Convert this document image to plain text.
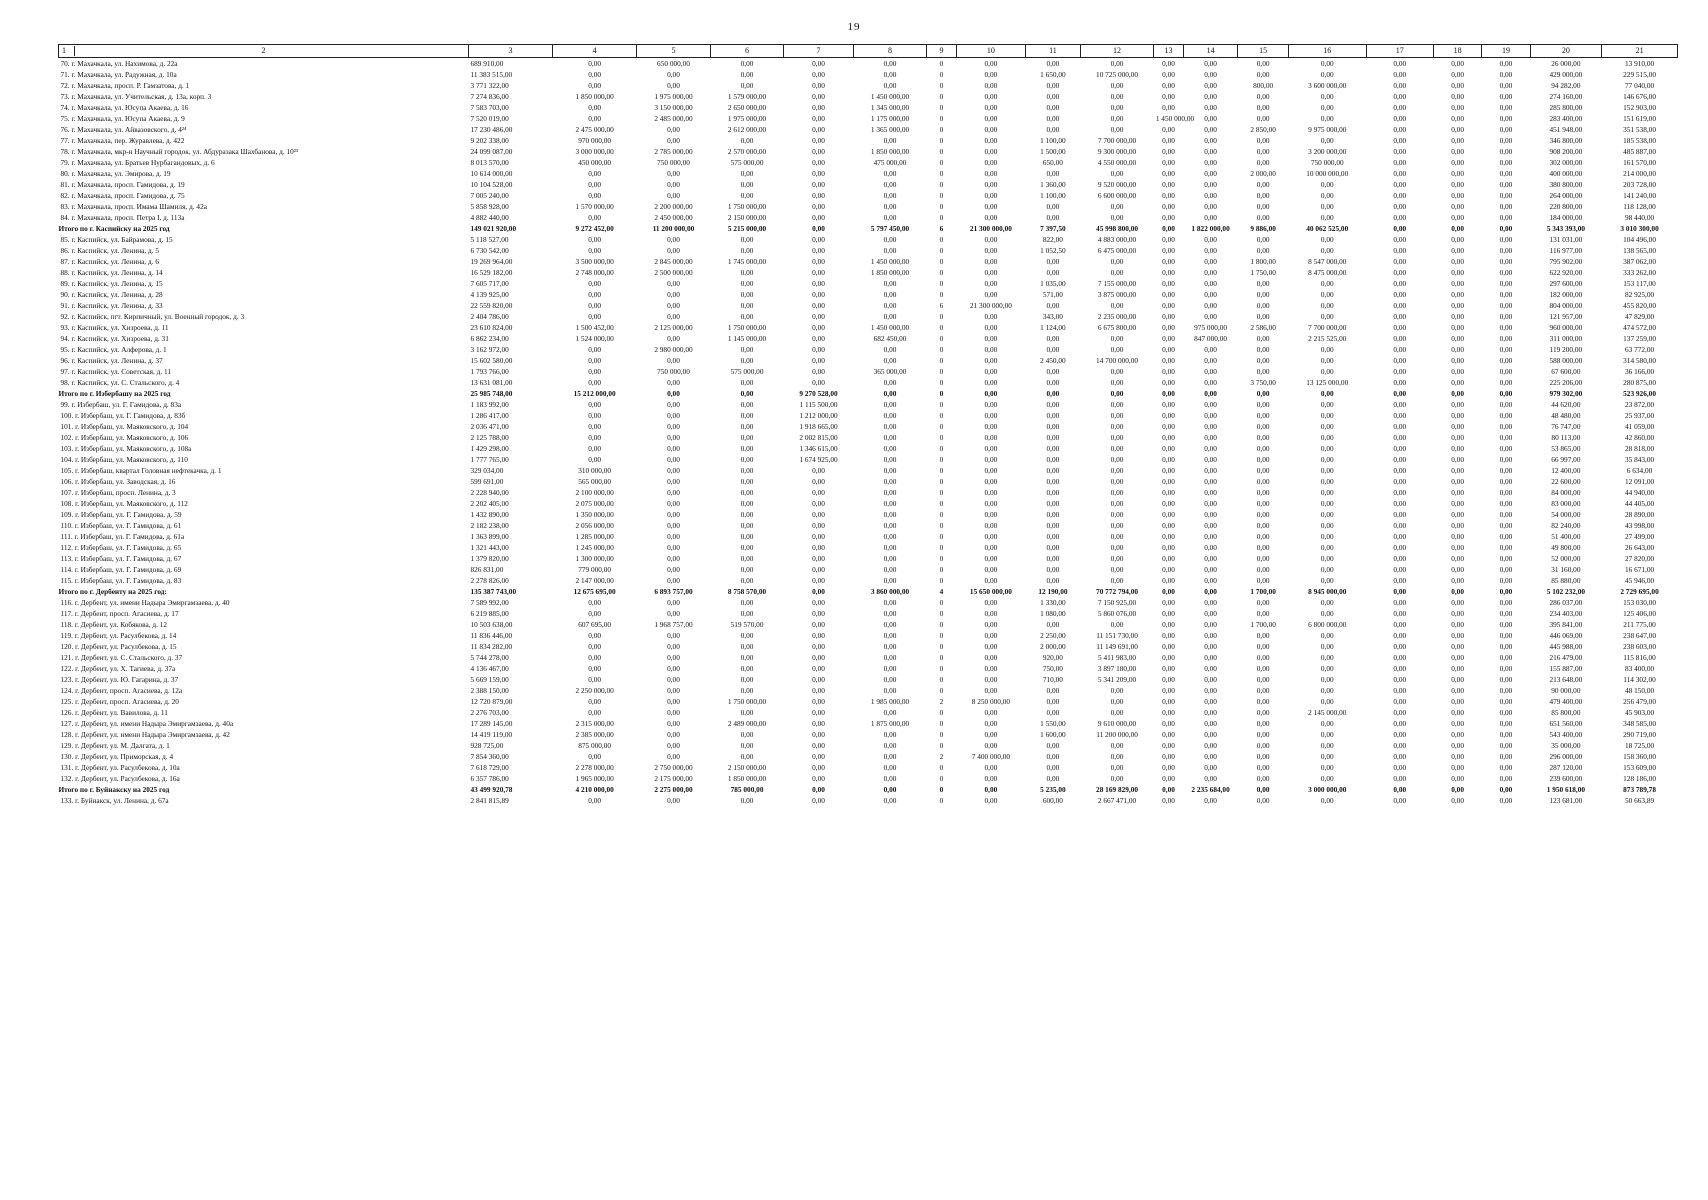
19
1 2	3	4	5	6	7	8	9	10	11	12	13	14	15	16	17	18	19	20	21
70. г. Махачкала, ул. Нахимова, д. 22а	689 910,00	0,00	650 000,00	0,00	0,00	0,00	0	0,00	0,00	0,00	0,00	0,00	0,00	0,00	0,00	0,00	0,00	26 000,00	13 910,00
71. г. Махачкала, ул. Радужная, д. 10а	11 383 515,00	0,00	0,00	0,00	0,00	0,00	0	0,00	1 650,00	10 725 000,00	0,00	0,00	0,00	0,00	0,00	0,00	0,00	429 000,00	229 515,00
72. г. Махачкала, просп. Р. Гамзатова, д. 1	3 771 322,00	0,00	0,00	0,00	0,00	0,00	0	0,00	0,00	0,00	0,00	0,00	800,00	3 600 000,00	0,00	0,00	0,00	94 282,00	77 040,00
73. г. Махачкала, ул. Учительская, д. 13а, корп. 3	7 274 836,00	1 850 000,00	1 975 000,00	1 579 000,00	0,00	1 450 000,00	0	0,00	0,00	0,00	0,00	0,00	0,00	0,00	0,00	0,00	0,00	274 160,00	146 676,00
74. г. Махачкала, ул. Юсупа Акаева, д. 16	7 583 703,00	0,00	3 150 000,00	2 650 000,00	0,00	1 345 000,00	0	0,00	0,00	0,00	0,00	0,00	0,00	0,00	0,00	0,00	0,00	285 800,00	152 903,00
75. г. Махачкала, ул. Юсупа Акаева, д. 9	7 520 019,00	0,00	2 485 000,00	1 975 000,00	0,00	1 175 000,00	0	0,00	0,00	0,00	1 450 000,00	0,00	0,00	0,00	0,00	0,00	0,00	283 400,00	151 619,00
76. г. Махачкала, ул. Айвазовского, д. 4²⁴	17 230 486,00	2 475 000,00	0,00	2 612 000,00	0,00	1 365 000,00	0	0,00	0,00	0,00	0,00	0,00	2 850,00	9 975 000,00	0,00	0,00	0,00	451 948,00	351 538,00
77. г. Махачкала, пер. Журавлева, д. 422	9 202 338,00	970 000,00	0,00	0,00	0,00	0,00	0	0,00	1 100,00	7 700 000,00	0,00	0,00	0,00	0,00	0,00	0,00	0,00	346 800,00	185 538,00
78. г. Махачкала, мкр-н Научный городок, ул. Абдуразака Шахбанова, д. 10²³	24 099 087,00	3 000 000,00	2 785 000,00	2 570 000,00	0,00	1 850 000,00	0	0,00	1 500,00	9 300 000,00	0,00	0,00	0,00	3 200 000,00	0,00	0,00	0,00	908 200,00	485 887,00
79. г. Махачкала, ул. Братьев Нурбагандовых, д. 6	8 013 570,00	450 000,00	750 000,00	575 000,00	0,00	475 000,00	0	0,00	650,00	4 550 000,00	0,00	0,00	0,00	750 000,00	0,00	0,00	0,00	302 000,00	161 570,00
80. г. Махачкала, ул. Эмирова, д. 19	10 614 000,00	0,00	0,00	0,00	0,00	0,00	0	0,00	0,00	0,00	0,00	0,00	2 000,00	10 000 000,00	0,00	0,00	0,00	400 000,00	214 000,00
81. г. Махачкала, просп. Гамидова, д. 19	10 104 528,00	0,00	0,00	0,00	0,00	0,00	0	0,00	1 360,00	9 520 000,00	0,00	0,00	0,00	0,00	0,00	0,00	0,00	380 800,00	203 728,00
82. г. Махачкала, просп. Гамидова, д. 75	7 005 240,00	0,00	0,00	0,00	0,00	0,00	0	0,00	1 100,00	6 600 000,00	0,00	0,00	0,00	0,00	0,00	0,00	0,00	264 000,00	141 240,00
83. г. Махачкала, просп. Имама Шамиля, д. 42а	5 858 928,00	1 570 000,00	2 200 000,00	1 750 000,00	0,00	0,00	0	0,00	0,00	0,00	0,00	0,00	0,00	0,00	0,00	0,00	0,00	220 800,00	118 128,00
84. г. Махачкала, просп. Петра I, д. 113а	4 882 440,00	0,00	2 450 000,00	2 150 000,00	0,00	0,00	0	0,00	0,00	0,00	0,00	0,00	0,00	0,00	0,00	0,00	0,00	184 000,00	98 440,00
Итого по г. Каспийску на 2025 год	149 021 920,00	9 272 452,00	11 200 000,00	5 215 000,00	0,00	5 797 450,00	6	21 300 000,00	7 397,50	45 998 800,00	0,00	1 822 000,00	9 886,00	40 062 525,00	0,00	0,00	0,00	5 343 393,00	3 010 300,00
85. г. Каспийск, ул. Байрамова, д. 15	5 118 527,00	0,00	0,00	0,00	0,00	0,00	0	0,00	822,00	4 883 000,00	0,00	0,00	0,00	0,00	0,00	0,00	0,00	131 031,00	104 496,00
86. г. Каспийск, ул. Ленина, д. 5	6 730 542,00	0,00	0,00	0,00	0,00	0,00	0	0,00	1 052,50	6 475 000,00	0,00	0,00	0,00	0,00	0,00	0,00	0,00	116 977,00	138 565,00
87. г. Каспийск, ул. Ленина, д. 6	19 269 964,00	3 500 000,00	2 845 000,00	1 745 000,00	0,00	1 450 000,00	0	0,00	0,00	0,00	0,00	0,00	1 800,00	8 547 000,00	0,00	0,00	0,00	795 902,00	387 062,00
88. г. Каспийск, ул. Ленина, д. 14	16 529 182,00	2 748 000,00	2 500 000,00	0,00	0,00	1 850 000,00	0	0,00	0,00	0,00	0,00	0,00	1 750,00	8 475 000,00	0,00	0,00	0,00	622 920,00	333 262,00
89. г. Каспийск, ул. Ленина, д. 15	7 605 717,00	0,00	0,00	0,00	0,00	0,00	0	0,00	1 035,00	7 155 000,00	0,00	0,00	0,00	0,00	0,00	0,00	0,00	297 600,00	153 117,00
90. г. Каспийск, ул. Ленина, д. 28	4 139 925,00	0,00	0,00	0,00	0,00	0,00	0	0,00	571,00	3 875 000,00	0,00	0,00	0,00	0,00	0,00	0,00	0,00	182 000,00	82 925,00
91. г. Каспийск, ул. Ленина, д. 33	22 559 820,00	0,00	0,00	0,00	0,00	0,00	6	21 300 000,00	0,00	0,00	0,00	0,00	0,00	0,00	0,00	0,00	0,00	804 000,00	455 820,00
92. г. Каспийск, пгт. Кирпичный, ул. Военный городок, д. 3	2 404 786,00	0,00	0,00	0,00	0,00	0,00	0	0,00	343,00	2 235 000,00	0,00	0,00	0,00	0,00	0,00	0,00	0,00	121 957,00	47 829,00
93. г. Каспийск, ул. Хизроева, д. 11	23 610 824,00	1 500 452,00	2 125 000,00	1 750 000,00	0,00	1 450 000,00	0	0,00	1 124,00	6 675 800,00	0,00	975 000,00	2 586,00	7 700 000,00	0,00	0,00	0,00	960 000,00	474 572,00
94. г. Каспийск, ул. Хизроева, д. 31	6 862 234,00	1 524 000,00	0,00	1 145 000,00	0,00	682 450,00	0	0,00	0,00	0,00	0,00	847 000,00	0,00	2 215 525,00	0,00	0,00	0,00	311 000,00	137 259,00
95. г. Каспийск, ул. Алферова, д. 1	3 162 972,00	0,00	2 980 000,00	0,00	0,00	0,00	0	0,00	0,00	0,00	0,00	0,00	0,00	0,00	0,00	0,00	0,00	119 200,00	63 772,00
96. г. Каспийск, ул. Ленина, д. 37	15 602 580,00	0,00	0,00	0,00	0,00	0,00	0	0,00	2 450,00	14 700 000,00	0,00	0,00	0,00	0,00	0,00	0,00	0,00	588 000,00	314 580,00
97. г. Каспийск, ул. Советская, д. 11	1 793 766,00	0,00	750 000,00	575 000,00	0,00	365 000,00	0	0,00	0,00	0,00	0,00	0,00	0,00	0,00	0,00	0,00	0,00	67 600,00	36 166,00
98. г. Каспийск, ул. С. Стальского, д. 4	13 631 081,00	0,00	0,00	0,00	0,00	0,00	0	0,00	0,00	0,00	0,00	0,00	3 750,00	13 125 000,00	0,00	0,00	0,00	225 206,00	280 875,00
Итого по г. Избербашу на 2025 год	25 985 748,00	15 212 000,00	0,00	0,00	9 270 528,00	0,00	0	0,00	0,00	0,00	0,00	0,00	0,00	0,00	0,00	0,00	0,00	979 302,00	523 926,00
99. г. Избербаш, ул. Г. Гамидова, д. 83а	1 183 992,00	0,00	0,00	0,00	1 115 500,00	0,00	0	0,00	0,00	0,00	0,00	0,00	0,00	0,00	0,00	0,00	0,00	44 620,00	23 872,00
100. г. Избербаш, ул. Г. Гамидова, д. 83б	1 286 417,00	0,00	0,00	0,00	1 212 000,00	0,00	0	0,00	0,00	0,00	0,00	0,00	0,00	0,00	0,00	0,00	0,00	48 480,00	25 937,00
101. г. Избербаш, ул. Маяковского, д. 104	2 036 471,00	0,00	0,00	0,00	1 918 665,00	0,00	0	0,00	0,00	0,00	0,00	0,00	0,00	0,00	0,00	0,00	0,00	76 747,00	41 059,00
102. г. Избербаш, ул. Маяковского, д. 106	2 125 788,00	0,00	0,00	0,00	2 002 815,00	0,00	0	0,00	0,00	0,00	0,00	0,00	0,00	0,00	0,00	0,00	0,00	80 113,00	42 860,00
103. г. Избербаш, ул. Маяковского, д. 108а	1 429 298,00	0,00	0,00	0,00	1 346 615,00	0,00	0	0,00	0,00	0,00	0,00	0,00	0,00	0,00	0,00	0,00	0,00	53 865,00	28 818,00
104. г. Избербаш, ул. Маяковского, д. 110	1 777 765,00	0,00	0,00	0,00	1 674 925,00	0,00	0	0,00	0,00	0,00	0,00	0,00	0,00	0,00	0,00	0,00	0,00	66 997,00	35 843,00
105. г. Избербаш, квартал Головная нефтекачка, д. 1	329 034,00	310 000,00	0,00	0,00	0,00	0,00	0	0,00	0,00	0,00	0,00	0,00	0,00	0,00	0,00	0,00	0,00	12 400,00	6 634,00
106. г. Избербаш, ул. Заводская, д. 16	599 691,00	565 000,00	0,00	0,00	0,00	0,00	0	0,00	0,00	0,00	0,00	0,00	0,00	0,00	0,00	0,00	0,00	22 600,00	12 091,00
107. г. Избербаш, просп. Ленина, д. 3	2 228 940,00	2 100 000,00	0,00	0,00	0,00	0,00	0	0,00	0,00	0,00	0,00	0,00	0,00	0,00	0,00	0,00	0,00	84 000,00	44 940,00
108. г. Избербаш, ул. Маяковского, д. 112	2 202 405,00	2 075 000,00	0,00	0,00	0,00	0,00	0	0,00	0,00	0,00	0,00	0,00	0,00	0,00	0,00	0,00	0,00	83 000,00	44 405,00
109. г. Избербаш, ул. Г. Гамидова, д. 59	1 432 890,00	1 350 000,00	0,00	0,00	0,00	0,00	0	0,00	0,00	0,00	0,00	0,00	0,00	0,00	0,00	0,00	0,00	54 000,00	28 890,00
110. г. Избербаш, ул. Г. Гамидова, д. 61	2 182 238,00	2 056 000,00	0,00	0,00	0,00	0,00	0	0,00	0,00	0,00	0,00	0,00	0,00	0,00	0,00	0,00	0,00	82 240,00	43 998,00
111. г. Избербаш, ул. Г. Гамидова, д. 61а	1 363 899,00	1 285 000,00	0,00	0,00	0,00	0,00	0	0,00	0,00	0,00	0,00	0,00	0,00	0,00	0,00	0,00	0,00	51 400,00	27 499,00
112. г. Избербаш, ул. Г. Гамидова, д. 65	1 321 443,00	1 245 000,00	0,00	0,00	0,00	0,00	0	0,00	0,00	0,00	0,00	0,00	0,00	0,00	0,00	0,00	0,00	49 800,00	26 643,00
113. г. Избербаш, ул. Г. Гамидова, д. 67	1 379 820,00	1 300 000,00	0,00	0,00	0,00	0,00	0	0,00	0,00	0,00	0,00	0,00	0,00	0,00	0,00	0,00	0,00	52 000,00	27 820,00
114. г. Избербаш, ул. Г. Гамидова, д. 69	826 831,00	779 000,00	0,00	0,00	0,00	0,00	0	0,00	0,00	0,00	0,00	0,00	0,00	0,00	0,00	0,00	0,00	31 160,00	16 671,00
115. г. Избербаш, ул. Г. Гамидова, д. 83	2 278 826,00	2 147 000,00	0,00	0,00	0,00	0,00	0	0,00	0,00	0,00	0,00	0,00	0,00	0,00	0,00	0,00	0,00	85 880,00	45 946,00
Итого по г. Дербенту на 2025 год:	135 387 743,00	12 675 695,00	6 893 757,00	8 758 570,00	0,00	3 860 000,00	4	15 650 000,00	12 190,00	70 772 794,00	0,00	0,00	1 700,00	8 945 000,00	0,00	0,00	0,00	5 102 232,00	2 729 695,00
116. г. Дербент, ул. имени Надыра Эмиргамзаева, д. 40	7 589 992,00	0,00	0,00	0,00	0,00	0,00	0	0,00	1 330,00	7 150 925,00	0,00	0,00	0,00	0,00	0,00	0,00	0,00	286 037,00	153 030,00
117. г. Дербент, просп. Агасиева, д. 17	6 219 885,00	0,00	0,00	0,00	0,00	0,00	0	0,00	1 080,00	5 860 076,00	0,00	0,00	0,00	0,00	0,00	0,00	0,00	234 403,00	125 406,00
118. г. Дербент, ул. Кобякова, д. 12	10 503 638,00	607 695,00	1 968 757,00	519 570,00	0,00	0,00	0	0,00	0,00	0,00	0,00	0,00	1 700,00	6 800 000,00	0,00	0,00	0,00	395 841,00	211 775,00
119. г. Дербент, ул. Расулбекова, д. 14	11 836 446,00	0,00	0,00	0,00	0,00	0,00	0	0,00	2 250,00	11 151 730,00	0,00	0,00	0,00	0,00	0,00	0,00	0,00	446 069,00	238 647,00
120. г. Дербент, ул. Расулбекова, д. 15	11 834 282,00	0,00	0,00	0,00	0,00	0,00	0	0,00	2 000,00	11 149 691,00	0,00	0,00	0,00	0,00	0,00	0,00	0,00	445 988,00	238 603,00
121. г. Дербент, ул. С. Стальского, д. 37	5 744 278,00	0,00	0,00	0,00	0,00	0,00	0	0,00	920,00	5 411 983,00	0,00	0,00	0,00	0,00	0,00	0,00	0,00	216 479,00	115 816,00
122. г. Дербент, ул. Х. Тагиева, д. 37а	4 136 467,00	0,00	0,00	0,00	0,00	0,00	0	0,00	750,00	3 897 180,00	0,00	0,00	0,00	0,00	0,00	0,00	0,00	155 887,00	83 400,00
123. г. Дербент, ул. Ю. Гагарина, д. 37	5 669 159,00	0,00	0,00	0,00	0,00	0,00	0	0,00	710,00	5 341 209,00	0,00	0,00	0,00	0,00	0,00	0,00	0,00	213 648,00	114 302,00
124. г. Дербент, просп. Агасиева, д. 12а	2 388 150,00	2 250 000,00	0,00	0,00	0,00	0,00	0	0,00	0,00	0,00	0,00	0,00	0,00	0,00	0,00	0,00	0,00	90 000,00	48 150,00
125. г. Дербент, просп. Агасиева, д. 20	12 720 879,00	0,00	0,00	1 750 000,00	0,00	1 985 000,00	2	8 250 000,00	0,00	0,00	0,00	0,00	0,00	0,00	0,00	0,00	0,00	479 400,00	256 479,00
126. г. Дербент, ул. Вавилова, д. 11	2 276 703,00	0,00	0,00	0,00	0,00	0,00	0	0,00	0,00	0,00	0,00	0,00	0,00	2 145 000,00	0,00	0,00	0,00	85 800,00	45 903,00
127. г. Дербент, ул. имени Надыра Эмиргамзаева, д. 40а	17 289 145,00	2 315 000,00	0,00	2 489 000,00	0,00	1 875 000,00	0	0,00	1 550,00	9 610 000,00	0,00	0,00	0,00	0,00	0,00	0,00	0,00	651 560,00	348 585,00
128. г. Дербент, ул. имени Надыра Эмиргамзаева, д. 42	14 419 119,00	2 385 000,00	0,00	0,00	0,00	0,00	0	0,00	1 600,00	11 200 000,00	0,00	0,00	0,00	0,00	0,00	0,00	0,00	543 400,00	290 719,00
129. г. Дербент, ул. М. Далгата, д. 1	928 725,00	875 000,00	0,00	0,00	0,00	0,00	0	0,00	0,00	0,00	0,00	0,00	0,00	0,00	0,00	0,00	0,00	35 000,00	18 725,00
130. г. Дербент, ул. Приморская, д. 4	7 854 360,00	0,00	0,00	0,00	0,00	0,00	2	7 400 000,00	0,00	0,00	0,00	0,00	0,00	0,00	0,00	0,00	0,00	296 000,00	158 360,00
131. г. Дербент, ул. Расулбекова, д. 10а	7 618 729,00	2 278 000,00	2 750 000,00	2 150 000,00	0,00	0,00	0	0,00	0,00	0,00	0,00	0,00	0,00	0,00	0,00	0,00	0,00	287 120,00	153 609,00
132. г. Дербент, ул. Расулбекова, д. 16а	6 357 786,00	1 965 000,00	2 175 000,00	1 850 000,00	0,00	0,00	0	0,00	0,00	0,00	0,00	0,00	0,00	0,00	0,00	0,00	0,00	239 600,00	128 186,00
Итого по г. Буйнакску на 2025 год	43 499 920,78	4 210 000,00	2 275 000,00	785 000,00	0,00	0,00	0	0,00	5 235,00	28 169 829,00	0,00	2 235 684,00	0,00	3 000 000,00	0,00	0,00	0,00	1 950 618,00	873 789,78
133. г. Буйнакск, ул. Ленина, д. 67а	2 841 815,89	0,00	0,00	0,00	0,00	0,00	0	0,00	600,00	2 667 471,00	0,00	0,00	0,00	0,00	0,00	0,00	0,00	123 681,00	50 663,89
